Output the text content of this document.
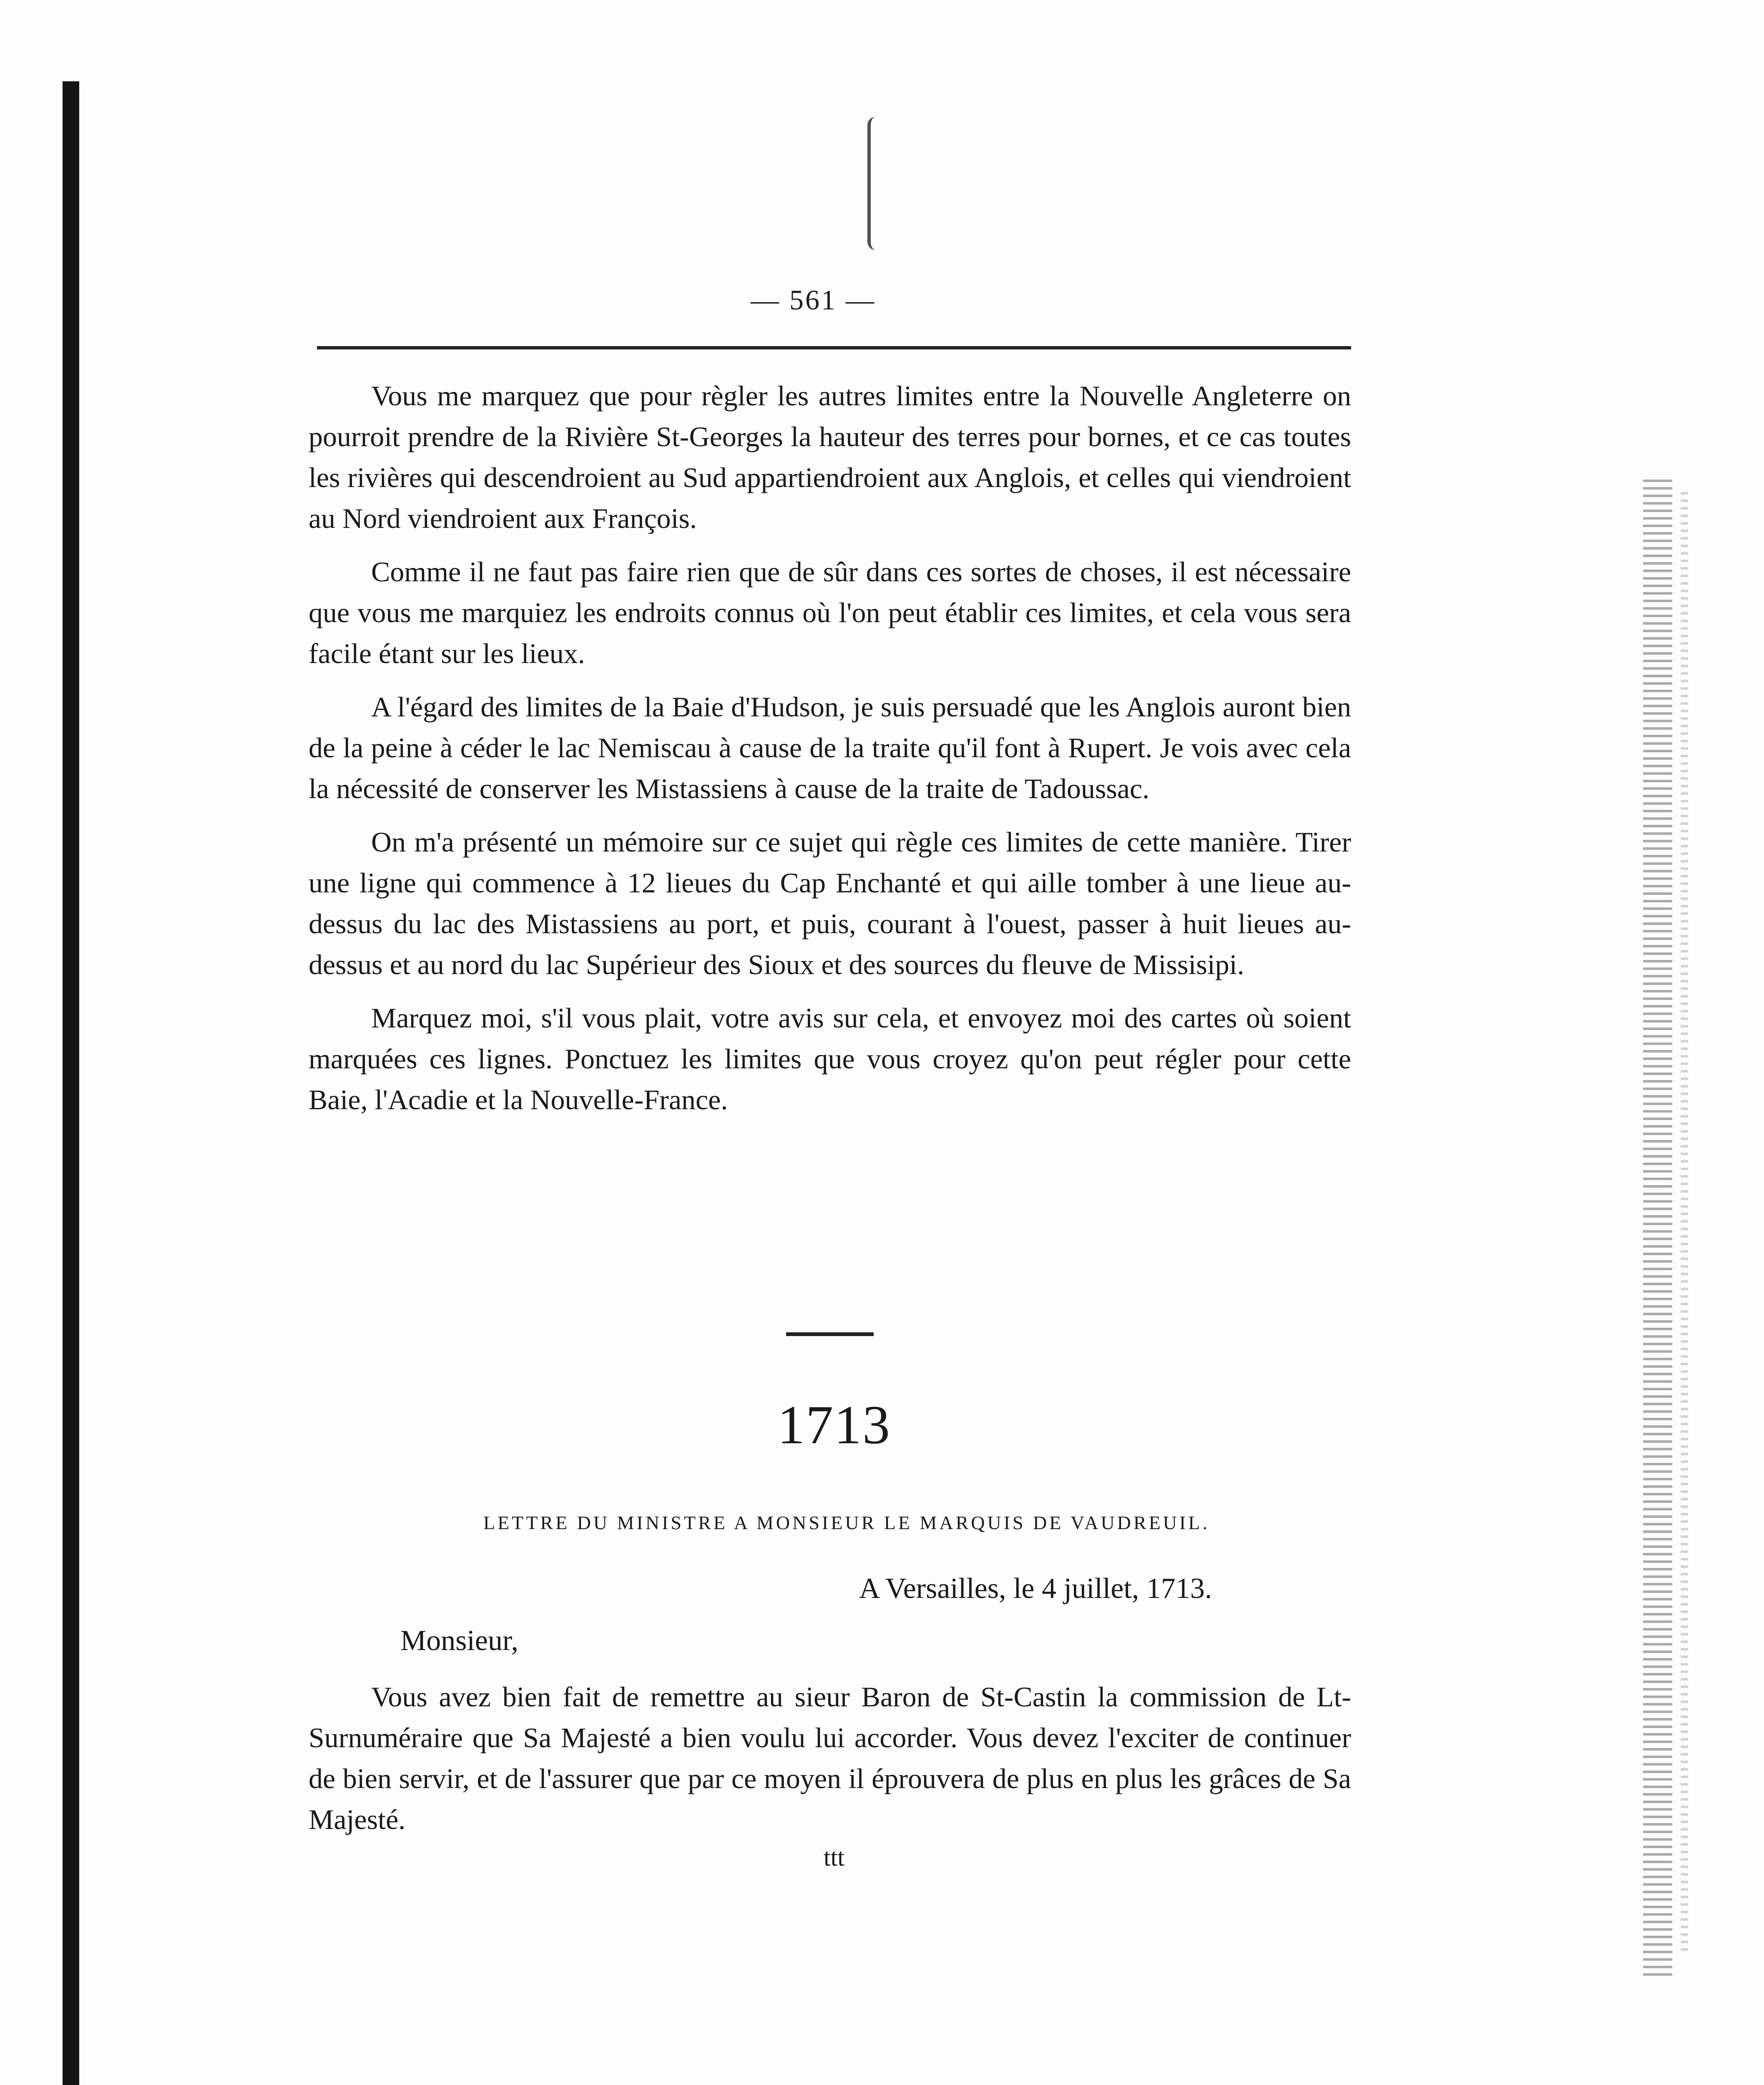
— 561 —

Vous me marquez que pour règler les autres limites entre la Nouvelle Angleterre on pourroit prendre de la Rivière St-Georges la hauteur des terres pour bornes, et ce cas toutes les rivières qui descendroient au Sud appartiendroient aux Anglois, et celles qui viendroient au Nord viendroient aux François.

Comme il ne faut pas faire rien que de sûr dans ces sortes de choses, il est nécessaire que vous me marquiez les endroits connus où l'on peut établir ces limites, et cela vous sera facile étant sur les lieux.

A l'égard des limites de la Baie d'Hudson, je suis persuadé que les Anglois auront bien de la peine à céder le lac Nemiscau à cause de la traite qu'il font à Rupert. Je vois avec cela la nécessité de conserver les Mistassiens à cause de la traite de Tadoussac.

On m'a présenté un mémoire sur ce sujet qui règle ces limites de cette manière. Tirer une ligne qui commence à 12 lieues du Cap Enchanté et qui aille tomber à une lieue au-dessus du lac des Mistassiens au port, et puis, courant à l'ouest, passer à huit lieues au-dessus et au nord du lac Supérieur des Sioux et des sources du fleuve de Missisipi.

Marquez moi, s'il vous plait, votre avis sur cela, et envoyez moi des cartes où soient marquées ces lignes. Ponctuez les limites que vous croyez qu'on peut régler pour cette Baie, l'Acadie et la Nouvelle-France.

1713
LETTRE DU MINISTRE A MONSIEUR LE MARQUIS DE VAUDREUIL.
A Versailles, le 4 juillet, 1713.
Monsieur,

Vous avez bien fait de remettre au sieur Baron de St-Castin la commission de Lt-Surnuméraire que Sa Majesté a bien voulu lui accorder. Vous devez l'exciter de continuer de bien servir, et de l'assurer que par ce moyen il éprouvera de plus en plus les grâces de Sa Majesté.

ttt
